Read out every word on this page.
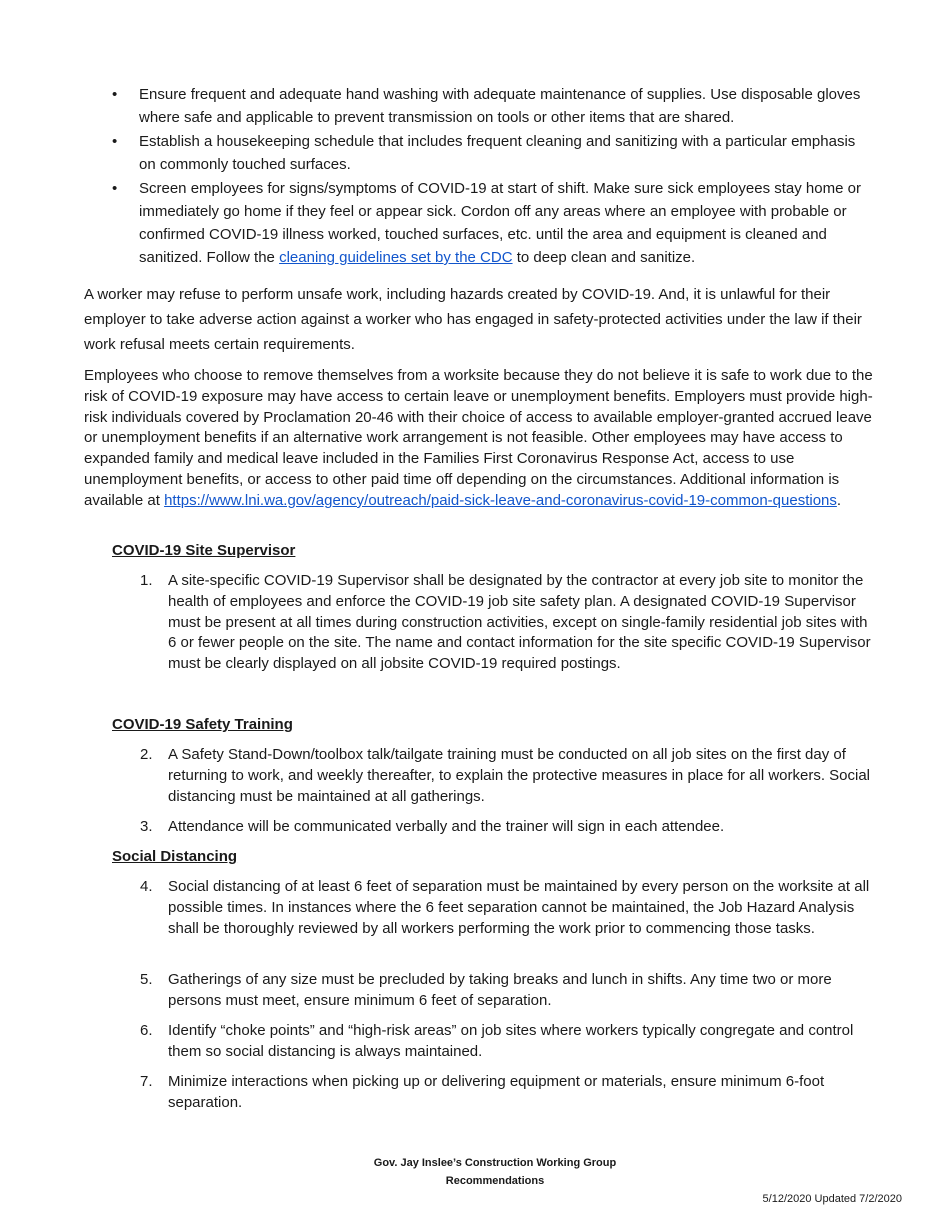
• Ensure frequent and adequate hand washing with adequate maintenance of supplies. Use disposable gloves where safe and applicable to prevent transmission on tools or other items that are shared.
• Establish a housekeeping schedule that includes frequent cleaning and sanitizing with a particular emphasis on commonly touched surfaces.
• Screen employees for signs/symptoms of COVID-19 at start of shift. Make sure sick employees stay home or immediately go home if they feel or appear sick. Cordon off any areas where an employee with probable or confirmed COVID-19 illness worked, touched surfaces, etc. until the area and equipment is cleaned and sanitized. Follow the cleaning guidelines set by the CDC to deep clean and sanitize.
A worker may refuse to perform unsafe work, including hazards created by COVID-19. And, it is unlawful for their employer to take adverse action against a worker who has engaged in safety-protected activities under the law if their work refusal meets certain requirements.
Employees who choose to remove themselves from a worksite because they do not believe it is safe to work due to the risk of COVID-19 exposure may have access to certain leave or unemployment benefits. Employers must provide high-risk individuals covered by Proclamation 20-46 with their choice of access to available employer-granted accrued leave or unemployment benefits if an alternative work arrangement is not feasible. Other employees may have access to expanded family and medical leave included in the Families First Coronavirus Response Act, access to use unemployment benefits, or access to other paid time off depending on the circumstances. Additional information is available at https://www.lni.wa.gov/agency/outreach/paid-sick-leave-and-coronavirus-covid-19-common-questions.
COVID-19 Site Supervisor
1. A site-specific COVID-19 Supervisor shall be designated by the contractor at every job site to monitor the health of employees and enforce the COVID-19 job site safety plan. A designated COVID-19 Supervisor must be present at all times during construction activities, except on single-family residential job sites with 6 or fewer people on the site. The name and contact information for the site specific COVID-19 Supervisor must be clearly displayed on all jobsite COVID-19 required postings.
COVID-19 Safety Training
2. A Safety Stand-Down/toolbox talk/tailgate training must be conducted on all job sites on the first day of returning to work, and weekly thereafter, to explain the protective measures in place for all workers. Social distancing must be maintained at all gatherings.
3. Attendance will be communicated verbally and the trainer will sign in each attendee.
Social Distancing
4. Social distancing of at least 6 feet of separation must be maintained by every person on the worksite at all possible times. In instances where the 6 feet separation cannot be maintained, the Job Hazard Analysis shall be thoroughly reviewed by all workers performing the work prior to commencing those tasks.
5. Gatherings of any size must be precluded by taking breaks and lunch in shifts. Any time two or more persons must meet, ensure minimum 6 feet of separation.
6. Identify “choke points” and “high-risk areas” on job sites where workers typically congregate and control them so social distancing is always maintained.
7. Minimize interactions when picking up or delivering equipment or materials, ensure minimum 6-foot separation.
Gov. Jay Inslee’s Construction Working Group
Recommendations
5/12/2020 Updated 7/2/2020
